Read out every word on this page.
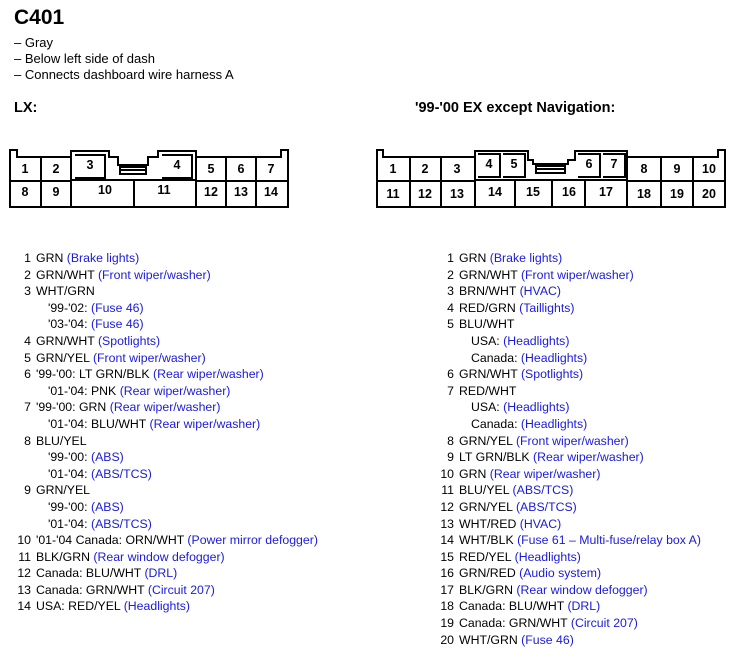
C401
– Gray
– Below left side of dash
– Connects dashboard wire harness A
LX:	'99-'00 EX except Navigation:
1 2 3	4 5 6 7
8 9	10	11	12 13 14
1 2 3 4 5	6 7 8 9 10
11 12 13 14 15 16 17 18 19 20
1 GRN (Brake lights)
2 GRN/WHT (Front wiper/washer)
3 WHT/GRN
'99-'02: (Fuse 46)
'03-'04: (Fuse 46)
4 GRN/WHT (Spotlights)
5 GRN/YEL (Front wiper/washer)
6 '99-'00: LT GRN/BLK (Rear wiper/washer)
'01-'04: PNK (Rear wiper/washer)
7 '99-'00: GRN (Rear wiper/washer)
'01-'04: BLU/WHT (Rear wiper/washer)
8 BLU/YEL
'99-'00: (ABS)
'01-'04: (ABS/TCS)
9 GRN/YEL
'99-'00: (ABS)
'01-'04: (ABS/TCS)
10 '01-'04 Canada: ORN/WHT (Power mirror defogger)
11 BLK/GRN (Rear window defogger)
12 Canada: BLU/WHT (DRL)
13 Canada: GRN/WHT (Circuit 207)
14 USA: RED/YEL (Headlights)
1 GRN (Brake lights)
2 GRN/WHT (Front wiper/washer)
3 BRN/WHT (HVAC)
4 RED/GRN (Taillights)
5 BLU/WHT
USA: (Headlights)
Canada: (Headlights)
6 GRN/WHT (Spotlights)
7 RED/WHT
USA: (Headlights)
Canada: (Headlights)
8 GRN/YEL (Front wiper/washer)
9 LT GRN/BLK (Rear wiper/washer)
10 GRN (Rear wiper/washer)
11 BLU/YEL (ABS/TCS)
12 GRN/YEL (ABS/TCS)
13 WHT/RED (HVAC)
14 WHT/BLK (Fuse 61 – Multi-fuse/relay box A)
15 RED/YEL (Headlights)
16 GRN/RED (Audio system)
17 BLK/GRN (Rear window defogger)
18 Canada: BLU/WHT (DRL)
19 Canada: GRN/WHT (Circuit 207)
20 WHT/GRN (Fuse 46)
